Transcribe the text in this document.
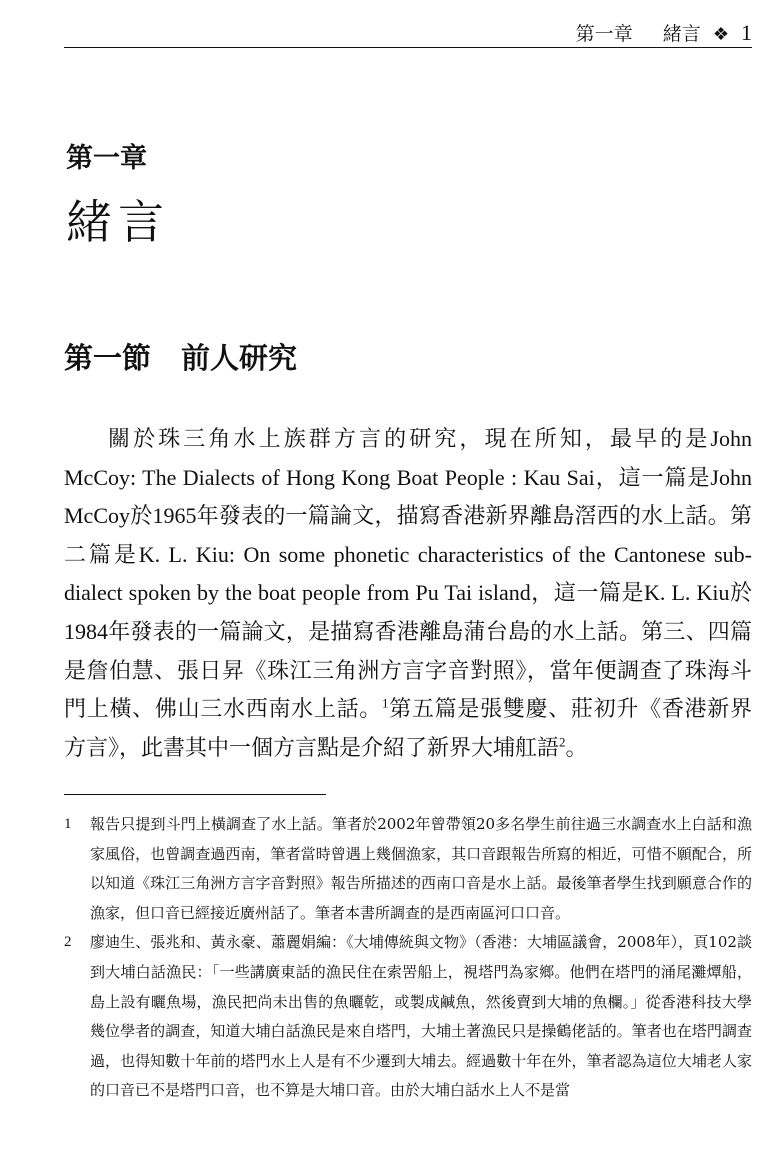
第一章 緒言 ❖ 1
第一章
緒言
第一節 前人研究
關於珠三角水上族群方言的研究，現在所知，最早的是John McCoy: The Dialects of Hong Kong Boat People : Kau Sai，這一篇是John McCoy於1965年發表的一篇論文，描寫香港新界離島滘西的水上話。第二篇是K. L. Kiu: On some phonetic characteristics of the Cantonese sub-dialect spoken by the boat people from Pu Tai island，這一篇是K. L. Kiu於1984年發表的一篇論文，是描寫香港離島蒲台島的水上話。第三、四篇是詹伯慧、張日昇《珠江三角洲方言字音對照》，當年便調查了珠海斗門上橫、佛山三水西南水上話。$^1$第五篇是張雙慶、莊初升《香港新界方言》，此書其中一個方言點是介紹了新界大埔舡語$^2$。
1 報告只提到斗門上橫調查了水上話。筆者於2002年曾帶領20多名學生前往過三水調查水上白話和漁家風俗，也曾調查過西南，筆者當時曾遇上幾個漁家，其口音跟報告所寫的相近，可惜不願配合，所以知道《珠江三角洲方言字音對照》報告所描述的西南口音是水上話。最後筆者學生找到願意合作的漁家，但口音已經接近廣州話了。筆者本書所調查的是西南區河口口音。
2 廖迪生、張兆和、黃永豪、蕭麗娟編：《大埔傳統與文物》（香港：大埔區議會，2008年），頁102談到大埔白話漁民：「一些講廣東話的漁民住在索罟船上，視塔門為家鄉。他們在塔門的涌尾灘燂船，島上設有曬魚場，漁民把尚未出售的魚曬乾，或製成鹹魚，然後賣到大埔的魚欄。」從香港科技大學幾位學者的調查，知道大埔白話漁民是來自塔門，大埔土著漁民只是操鶴佬話的。筆者也在塔門調查過，也得知數十年前的塔門水上人是有不少遷到大埔去。經過數十年在外，筆者認為這位大埔老人家的口音已不是塔門口音，也不算是大埔口音。由於大埔白話水上人不是當
